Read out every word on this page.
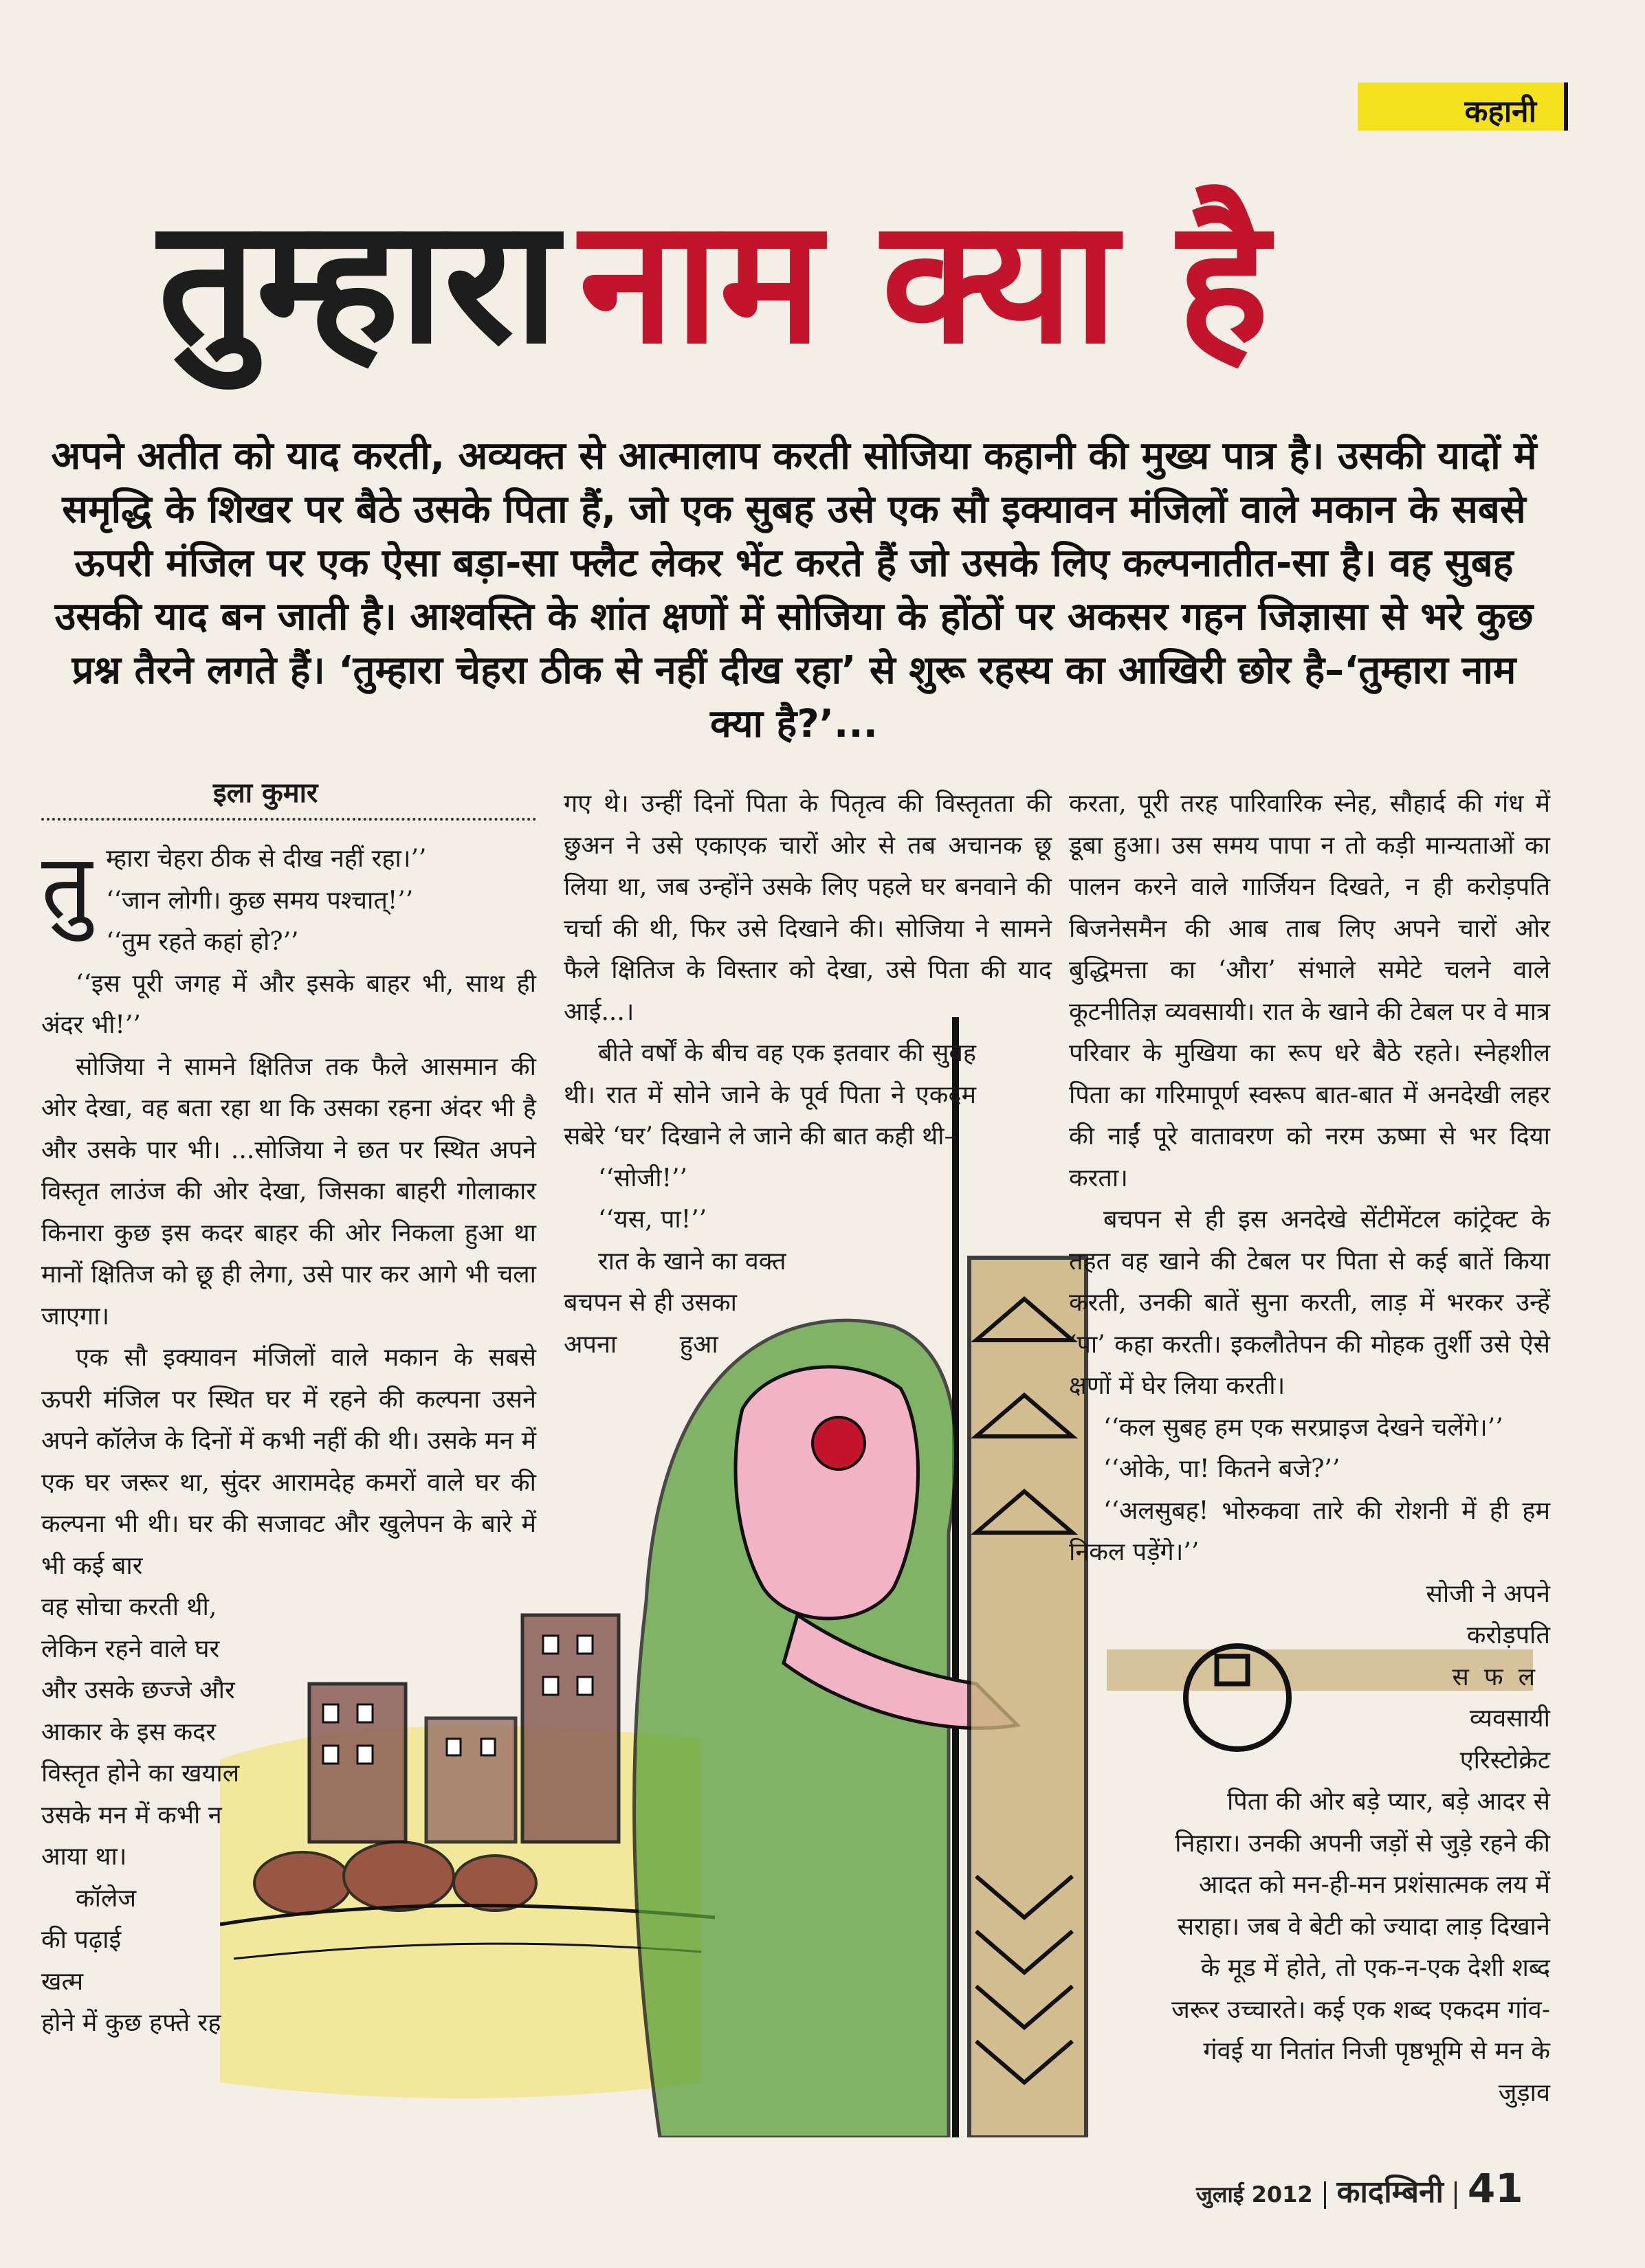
कहानी
तुम्हारा नाम क्या है
अपने अतीत को याद करती, अव्यक्त से आत्मालाप करती सोजिया कहानी की मुख्य पात्र है। उसकी यादों में समृद्धि के शिखर पर बैठे उसके पिता हैं, जो एक सुबह उसे एक सौ इक्यावन मंजिलों वाले मकान के सबसे ऊपरी मंजिल पर एक ऐसा बड़ा-सा फ्लैट लेकर भेंट करते हैं जो उसके लिए कल्पनातीत-सा है। वह सुबह उसकी याद बन जाती है। आश्वस्ति के शांत क्षणों में सोजिया के होंठों पर अकसर गहन जिज्ञासा से भरे कुछ प्रश्न तैरने लगते हैं। ‘तुम्हारा चेहरा ठीक से नहीं दीख रहा’ से शुरू रहस्य का आखिरी छोर है–‘तुम्हारा नाम क्या है?’...
इला कुमार
तु म्हारा चेहरा ठीक से दीख नहीं रहा।’’
‘‘जान लोगी। कुछ समय पश्चात्!’’
‘‘तुम रहते कहां हो?’’

‘‘इस पूरी जगह में और इसके बाहर भी, साथ ही अंदर भी!’’

सोजिया ने सामने क्षितिज तक फैले आसमान की ओर देखा, वह बता रहा था कि उसका रहना अंदर भी है और उसके पार भी। ...सोजिया ने छत पर स्थित अपने विस्तृत लाउंज की ओर देखा, जिसका बाहरी गोलाकार किनारा कुछ इस कदर बाहर की ओर निकला हुआ था मानों क्षितिज को छू ही लेगा, उसे पार कर आगे भी चला जाएगा।

एक सौ इक्यावन मंजिलों वाले मकान के सबसे ऊपरी मंजिल पर स्थित घर में रहने की कल्पना उसने अपने कॉलेज के दिनों में कभी नहीं की थी। उसके मन में एक घर जरूर था, सुंदर आरामदेह कमरों वाले घर की कल्पना भी थी। घर की सजावट और खुलेपन के बारे में भी कई बार

वह सोचा करती थी,
लेकिन रहने वाले घर
और उसके छज्जे और
आकार के इस कदर
विस्तृत होने का खयाल
उसके मन में कभी न
आया था।
कॉलेज
की पढ़ाई
खत्म
होने में कुछ हफ्ते रह

गए थे। उन्हीं दिनों पिता के पितृत्व की विस्तृतता की छुअन ने उसे एकाएक चारों ओर से तब अचानक छू लिया था, जब उन्होंने उसके लिए पहले घर बनवाने की चर्चा की थी, फिर उसे दिखाने की। सोजिया ने सामने फैले क्षितिज के विस्तार को देखा, उसे पिता की याद आई...।

बीते वर्षों के बीच वह एक इतवार की सुबह थी। रात में सोने जाने के पूर्व पिता ने एकदम सबेरे ‘घर’ दिखाने ले जाने की बात कही थी–

‘‘सोजी!’’
‘‘यस, पा!’’
रात के खाने का वक्त
बचपन से ही उसका
अपना हुआ

करता, पूरी तरह पारिवारिक स्नेह, सौहार्द की गंध में डूबा हुआ। उस समय पापा न तो कड़ी मान्यताओं का पालन करने वाले गार्जियन दिखते, न ही करोड़पति बिजनेसमैन की आब ताब लिए अपने चारों ओर बुद्धिमत्ता का ‘औरा’ संभाले समेटे चलने वाले कूटनीतिज्ञ व्यवसायी। रात के खाने की टेबल पर वे मात्र परिवार के मुखिया का रूप धरे बैठे रहते। स्नेहशील पिता का गरिमापूर्ण स्वरूप बात-बात में अनदेखी लहर की नाईं पूरे वातावरण को नरम ऊष्मा से भर दिया करता।

बचपन से ही इस अनदेखे सेंटीमेंटल कांट्रेक्ट के तहत वह खाने की टेबल पर पिता से कई बातें किया करती, उनकी बातें सुना करती, लाड़ में भरकर उन्हें ‘पा’ कहा करती। इकलौतेपन की मोहक तुर्शी उसे ऐसे क्षणों में घेर लिया करती।

‘‘कल सुबह हम एक सरप्राइज देखने चलेंगे।’’

‘‘ओके, पा! कितने बजे?’’

‘‘अलसुबह! भोरुकवा तारे की रोशनी में ही हम निकल पड़ेंगे।’’

सोजी ने अपने
करोड़पति
सफल
व्यवसायी
एरिस्टोक्रेट

पिता की ओर बड़े प्यार, बड़े आदर से निहारा। उनकी अपनी जड़ों से जुड़े रहने की आदत को मन-ही-मन प्रशंसात्मक लय में सराहा। जब वे बेटी को ज्यादा लाड़ दिखाने के मूड में होते, तो एक-न-एक देशी शब्द जरूर उच्चारते। कई एक शब्द एकदम गांव-गंवई या नितांत निजी पृष्ठभूमि से मन के जुड़ाव

जुलाई 2012 कादम्बिनी 41
